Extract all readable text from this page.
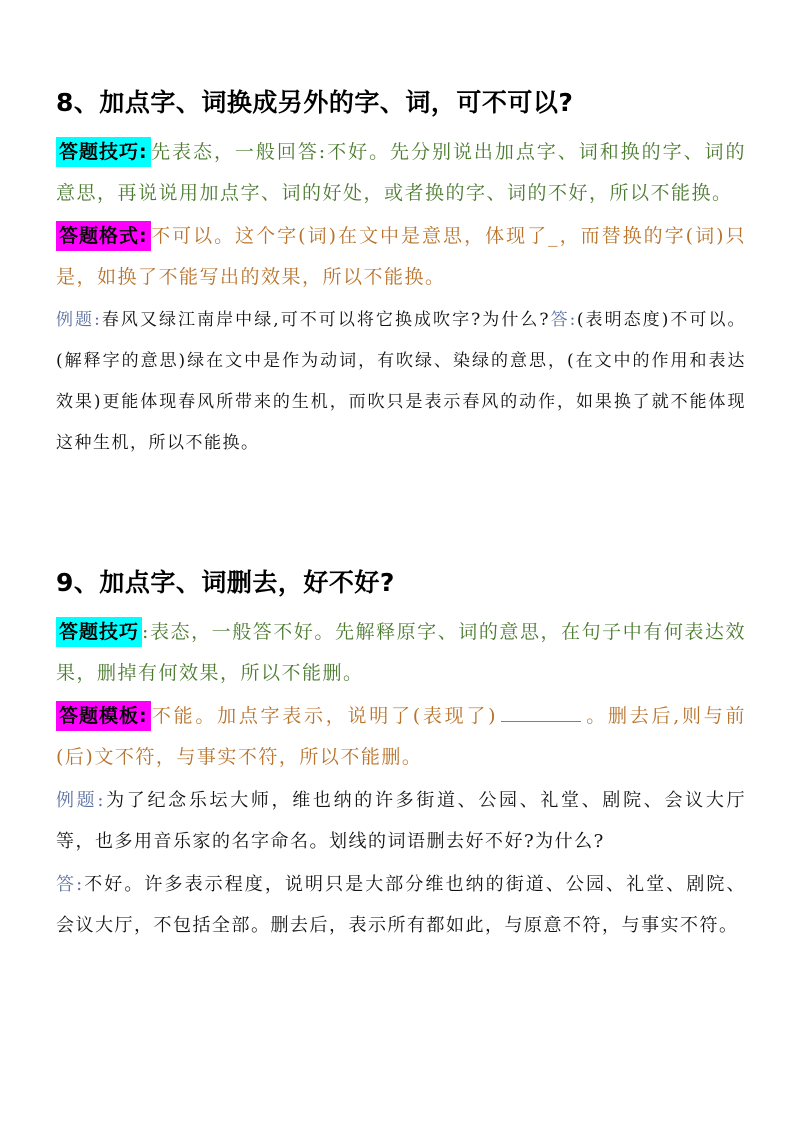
8、加点字、词换成另外的字、词，可不可以?

答题技巧: 先表态，一般回答:不好。先分别说出加点字、词和换的字、词的意思，再说说用加点字、词的好处，或者换的字、词的不好，所以不能换。

答题格式: 不可以。这个字(词)在文中是意思，体现了_，而替换的字(词)只是，如换了不能写出的效果，所以不能换。

例题:春风又绿江南岸中绿,可不可以将它换成吹字?为什么?答:(表明态度)不可以。(解释字的意思)绿在文中是作为动词，有吹绿、染绿的意思，(在文中的作用和表达效果)更能体现春风所带来的生机，而吹只是表示春风的动作，如果换了就不能体现这种生机，所以不能换。

9、加点字、词删去，好不好?

答题技巧 :表态，一般答不好。先解释原字、词的意思，在句子中有何表达效果，删掉有何效果，所以不能删。

答题模板: 不能。加点字表示，说明了(表现了)	。删去后,则与前(后)文不符，与事实不符，所以不能删。

例题:为了纪念乐坛大师，维也纳的许多街道、公园、礼堂、剧院、会议大厅等，也多用音乐家的名字命名。划线的词语删去好不好?为什么?

答:不好。许多表示程度，说明只是大部分维也纳的街道、公园、礼堂、剧院、会议大厅，不包括全部。删去后，表示所有都如此，与原意不符，与事实不符。
